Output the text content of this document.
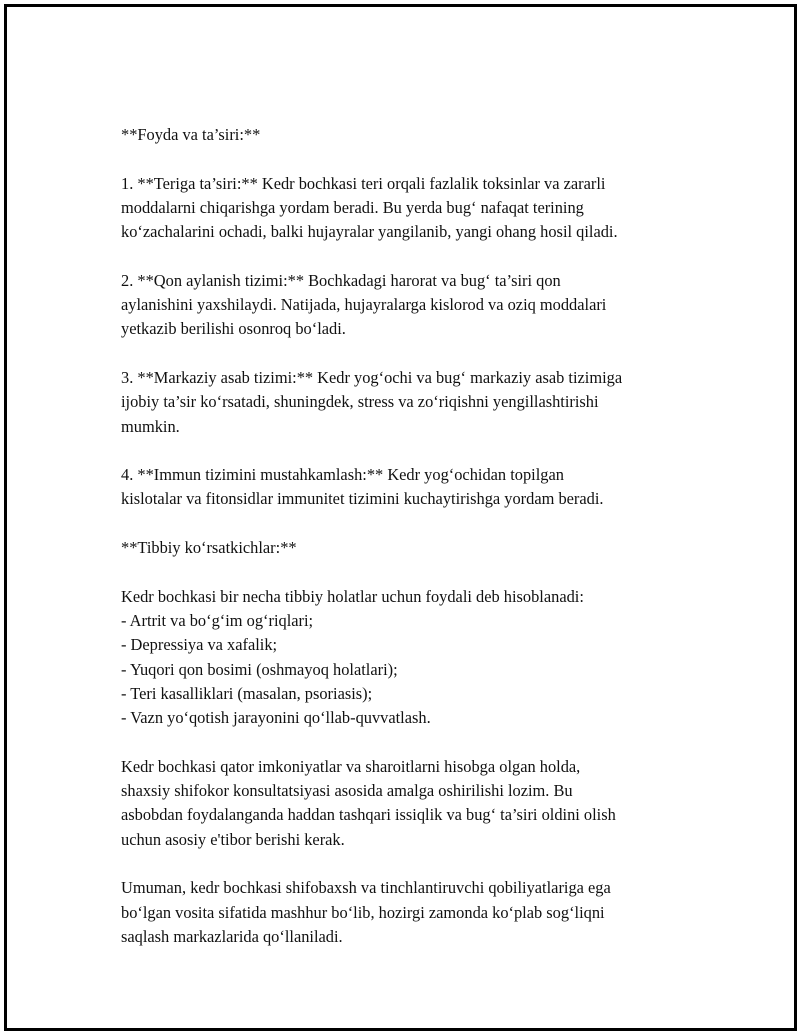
**Foyda va ta’siri:**

1. **Teriga ta’siri:** Kedr bochkasi teri orqali fazlalik toksinlar va zararli
moddalarni chiqarishga yordam beradi. Bu yerda bug‘ nafaqat terining
ko‘zachalarini ochadi, balki hujayralar yangilanib, yangi ohang hosil qiladi.

2. **Qon aylanish tizimi:** Bochkadagi harorat va bug‘ ta’siri qon
aylanishini yaxshilaydi. Natijada, hujayralarga kislorod va oziq moddalari
yetkazib berilishi osonroq bo‘ladi.

3. **Markaziy asab tizimi:** Kedr yog‘ochi va bug‘ markaziy asab tizimiga
ijobiy ta’sir ko‘rsatadi, shuningdek, stress va zo‘riqishni yengillashtirishi
mumkin.

4. **Immun tizimini mustahkamlash:** Kedr yog‘ochidan topilgan
kislotalar va fitonsidlar immunitet tizimini kuchaytirishga yordam beradi.

**Tibbiy ko‘rsatkichlar:**

Kedr bochkasi bir necha tibbiy holatlar uchun foydali deb hisoblanadi:
- Artrit va bo‘g‘im og‘riqlari;
- Depressiya va xafalik;
- Yuqori qon bosimi (oshmayoq holatlari);
- Teri kasalliklari (masalan, psoriasis);
- Vazn yo‘qotish jarayonini qo‘llab-quvvatlash.

Kedr bochkasi qator imkoniyatlar va sharoitlarni hisobga olgan holda,
shaxsiy shifokor konsultatsiyasi asosida amalga oshirilishi lozim. Bu
asbobdan foydalanganda haddan tashqari issiqlik va bug‘ ta’siri oldini olish
uchun asosiy e'tibor berishi kerak.

Umuman, kedr bochkasi shifobaxsh va tinchlantiruvchi qobiliyatlariga ega
bo‘lgan vosita sifatida mashhur bo‘lib, hozirgi zamonda ko‘plab sog‘liqni
saqlash markazlarida qo‘llaniladi.
